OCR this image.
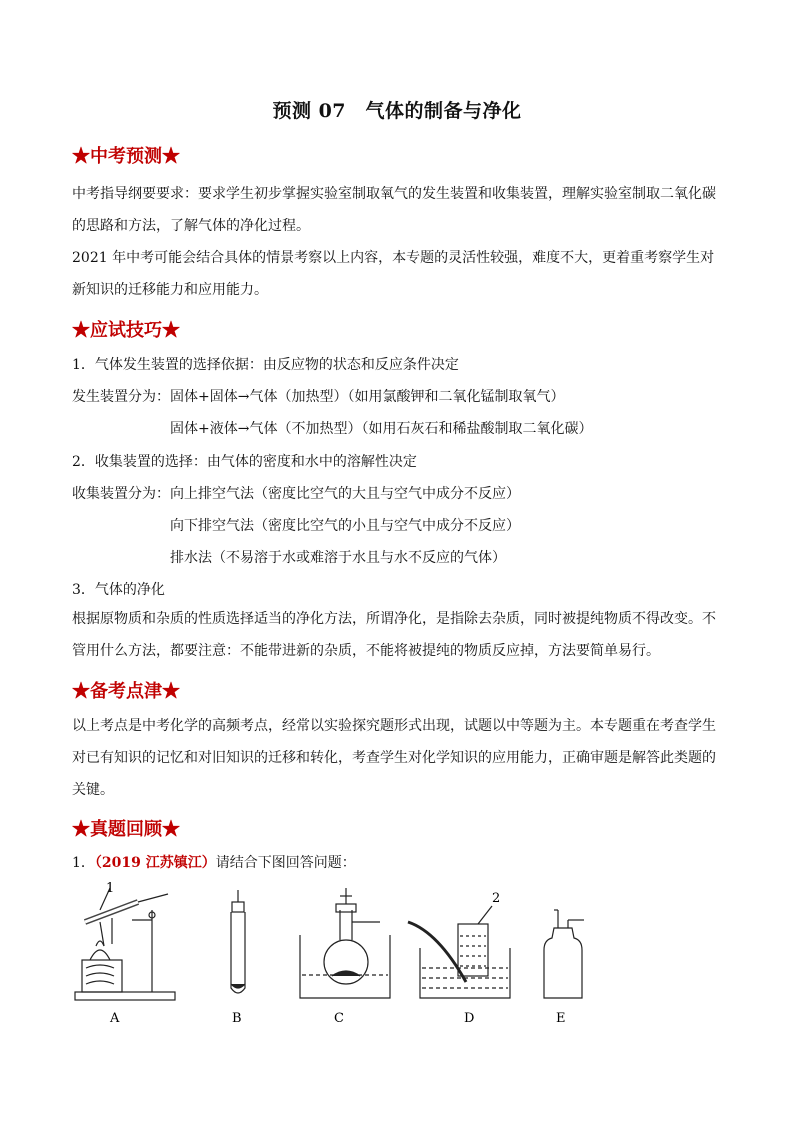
预测 07　气体的制备与净化
★中考预测★
中考指导纲要要求：要求学生初步掌握实验室制取氧气的发生装置和收集装置，理解实验室制取二氧化碳的思路和方法，了解气体的净化过程。
2021 年中考可能会结合具体的情景考察以上内容，本专题的灵活性较强，难度不大，更着重考察学生对新知识的迁移能力和应用能力。
★应试技巧★
1．气体发生装置的选择依据：由反应物的状态和反应条件决定
发生装置分为：固体+固体→气体（加热型）（如用氯酸钾和二氧化锰制取氧气）
固体+液体→气体（不加热型）（如用石灰石和稀盐酸制取二氧化碳）
2．收集装置的选择：由气体的密度和水中的溶解性决定
收集装置分为：向上排空气法（密度比空气的大且与空气中成分不反应）
向下排空气法（密度比空气的小且与空气中成分不反应）
排水法（不易溶于水或难溶于水且与水不反应的气体）
3．气体的净化
根据原物质和杂质的性质选择适当的净化方法，所谓净化，是指除去杂质，同时被提纯物质不得改变。不管用什么方法，都要注意：不能带进新的杂质，不能将被提纯的物质反应掉，方法要简单易行。
★备考点津★
以上考点是中考化学的高频考点，经常以实验探究题形式出现，试题以中等题为主。本专题重在考查学生对已有知识的记忆和对旧知识的迁移和转化，考查学生对化学知识的应用能力，正确审题是解答此类题的关键。
★真题回顾★
1．（2019 江苏镇江）请结合下图回答问题：
1
2
A	B	C	D	E
